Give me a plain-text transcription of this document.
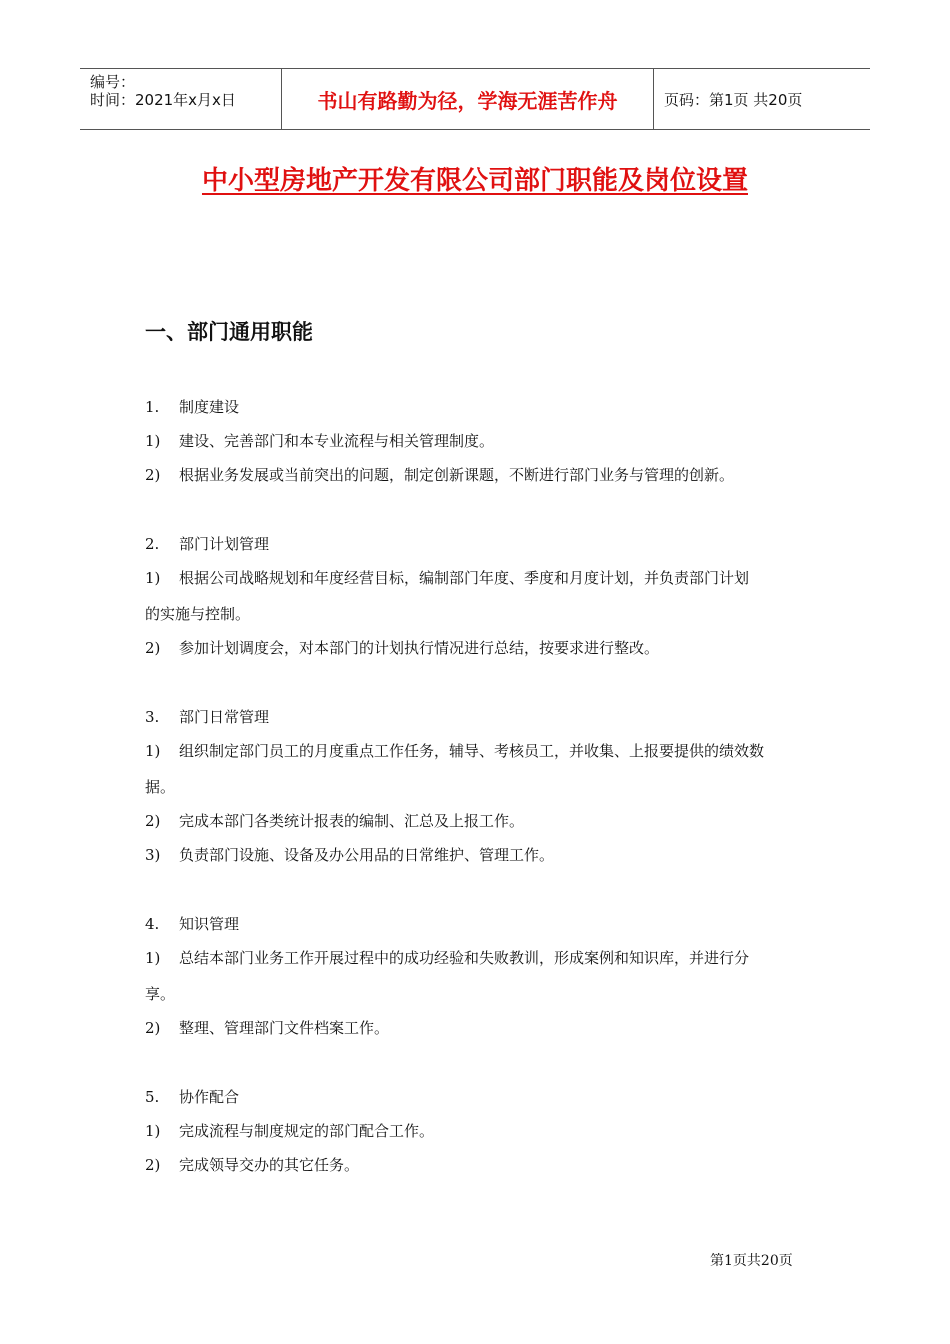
编号：
时间：2021年x月x日	书山有路勤为径，学海无涯苦作舟	页码：第1页 共20页
中小型房地产开发有限公司部门职能及岗位设置
一、部门通用职能
1. 制度建设
1) 建设、完善部门和本专业流程与相关管理制度。
2) 根据业务发展或当前突出的问题，制定创新课题，不断进行部门业务与管理的创新。
2. 部门计划管理
1) 根据公司战略规划和年度经营目标，编制部门年度、季度和月度计划，并负责部门计划
的实施与控制。
2) 参加计划调度会，对本部门的计划执行情况进行总结，按要求进行整改。
3. 部门日常管理
1) 组织制定部门员工的月度重点工作任务，辅导、考核员工，并收集、上报要提供的绩效数
据。
2) 完成本部门各类统计报表的编制、汇总及上报工作。
3) 负责部门设施、设备及办公用品的日常维护、管理工作。
4. 知识管理
1) 总结本部门业务工作开展过程中的成功经验和失败教训，形成案例和知识库，并进行分
享。
2) 整理、管理部门文件档案工作。
5. 协作配合
1) 完成流程与制度规定的部门配合工作。
2) 完成领导交办的其它任务。
第1页共20页
